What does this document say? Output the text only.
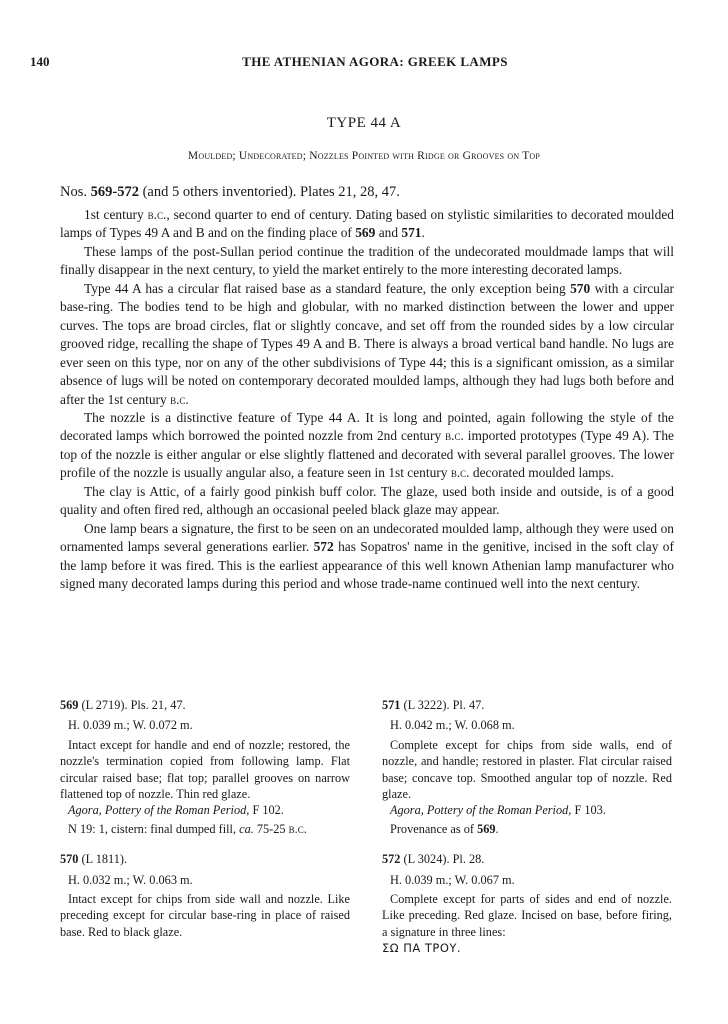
140	THE ATHENIAN AGORA: GREEK LAMPS
TYPE 44 A
Moulded; Undecorated; Nozzles Pointed with Ridge or Grooves on Top
Nos. 569-572 (and 5 others inventoried). Plates 21, 28, 47.

1st century b.c., second quarter to end of century. Dating based on stylistic similarities to decorated moulded lamps of Types 49 A and B and on the finding place of 569 and 571.

These lamps of the post-Sullan period continue the tradition of the undecorated mouldmade lamps that will finally disappear in the next century, to yield the market entirely to the more interesting decorated lamps.

Type 44 A has a circular flat raised base as a standard feature, the only exception being 570 with a circular base-ring. The bodies tend to be high and globular, with no marked distinction between the lower and upper curves. The tops are broad circles, flat or slightly concave, and set off from the rounded sides by a low circular grooved ridge, recalling the shape of Types 49 A and B. There is always a broad vertical band handle. No lugs are ever seen on this type, nor on any of the other subdivisions of Type 44; this is a significant omission, as a similar absence of lugs will be noted on contemporary decorated moulded lamps, although they had lugs both before and after the 1st century b.c.

The nozzle is a distinctive feature of Type 44 A. It is long and pointed, again following the style of the decorated lamps which borrowed the pointed nozzle from 2nd century b.c. imported prototypes (Type 49 A). The top of the nozzle is either angular or else slightly flattened and decorated with several parallel grooves. The lower profile of the nozzle is usually angular also, a feature seen in 1st century b.c. decorated moulded lamps.

The clay is Attic, of a fairly good pinkish buff color. The glaze, used both inside and outside, is of a good quality and often fired red, although an occasional peeled black glaze may appear.

One lamp bears a signature, the first to be seen on an undecorated moulded lamp, although they were used on ornamented lamps several generations earlier. 572 has Sopatros' name in the genitive, incised in the soft clay of the lamp before it was fired. This is the earliest appearance of this well known Athenian lamp manufacturer who signed many decorated lamps during this period and whose trade-name continued well into the next century.

569 (L 2719). Pls. 21, 47.

H. 0.039 m.; W. 0.072 m.

Intact except for handle and end of nozzle; restored, the nozzle's termination copied from following lamp. Flat circular raised base; flat top; parallel grooves on narrow flattened top of nozzle. Thin red glaze.

Agora, Pottery of the Roman Period, F 102.

N 19: 1, cistern: final dumped fill, ca. 75-25 b.c.

570 (L 1811).

H. 0.032 m.; W. 0.063 m.

Intact except for chips from side wall and nozzle. Like preceding except for circular base-ring in place of raised base. Red to black glaze.

571 (L 3222). Pl. 47.

H. 0.042 m.; W. 0.068 m.

Complete except for chips from side walls, end of nozzle, and handle; restored in plaster. Flat circular raised base; concave top. Smoothed angular top of nozzle. Red glaze.

Agora, Pottery of the Roman Period, F 103.

Provenance as of 569.

572 (L 3024). Pl. 28.

H. 0.039 m.; W. 0.067 m.

Complete except for parts of sides and end of nozzle. Like preceding. Red glaze. Incised on base, before firing, a signature in three lines:

ΣΩ ΠΑ ΤΡΟΥ.
